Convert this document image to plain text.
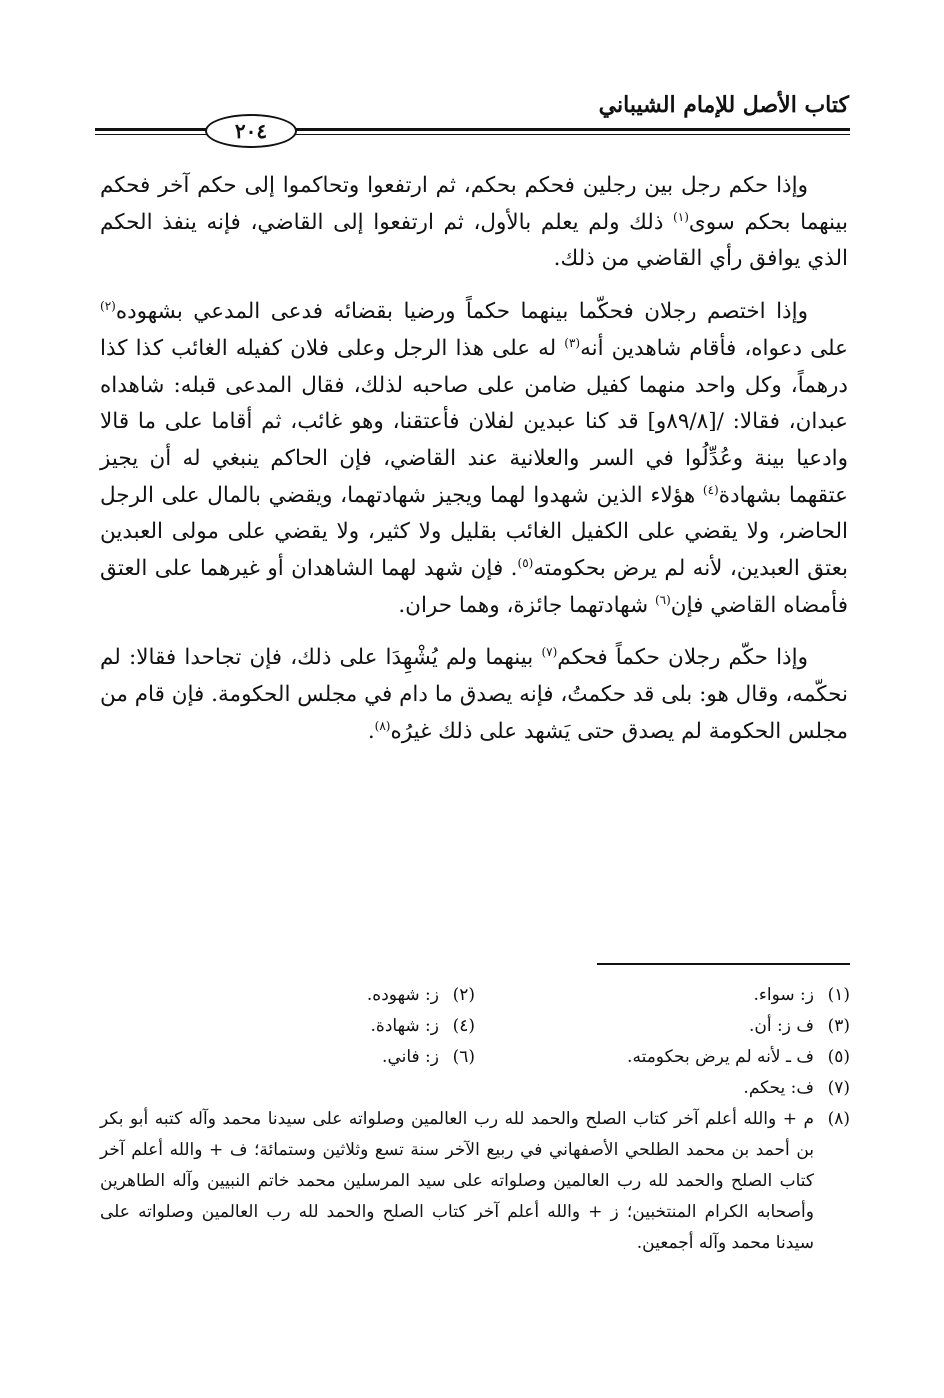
كتاب الأصل للإمام الشيباني
٢٠٤

وإذا حكم رجل بين رجلين فحكم بحكم، ثم ارتفعوا وتحاكموا إلى حكم آخر فحكم بينهما بحكم سوى$^{(١)}$ ذلك ولم يعلم بالأول، ثم ارتفعوا إلى القاضي، فإنه ينفذ الحكم الذي يوافق رأي القاضي من ذلك.

وإذا اختصم رجلان فحكّما بينهما حكماً ورضيا بقضائه فدعى المدعي بشهوده$^{(٢)}$ على دعواه، فأقام شاهدين أنه$^{(٣)}$ له على هذا الرجل وعلى فلان كفيله الغائب كذا كذا درهماً، وكل واحد منهما كفيل ضامن على صاحبه لذلك، فقال المدعى قبله: شاهداه عبدان، فقالا: /[٨٩/٨و] قد كنا عبدين لفلان فأعتقنا، وهو غائب، ثم أقاما على ما قالا وادعيا بينة وعُدِّلُوا في السر والعلانية عند القاضي، فإن الحاكم ينبغي له أن يجيز عتقهما بشهادة$^{(٤)}$ هؤلاء الذين شهدوا لهما ويجيز شهادتهما، ويقضي بالمال على الرجل الحاضر، ولا يقضي على الكفيل الغائب بقليل ولا كثير، ولا يقضي على مولى العبدين بعتق العبدين، لأنه لم يرض بحكومته$^{(٥)}$. فإن شهد لهما الشاهدان أو غيرهما على العتق فأمضاه القاضي فإن$^{(٦)}$ شهادتهما جائزة، وهما حران.

وإذا حكّم رجلان حكماً فحكم$^{(٧)}$ بينهما ولم يُشْهِدَا على ذلك، فإن تجاحدا فقالا: لم نحكّمه، وقال هو: بلى قد حكمتُ، فإنه يصدق ما دام في مجلس الحكومة. فإن قام من مجلس الحكومة لم يصدق حتى يَشهد على ذلك غيرُه$^{(٨)}$.

(١)
ز: سواء.
(٢)
ز: شهوده.
(٣)
ف ز: أن.
(٤)
ز: شهادة.
(٥)
ف ـ لأنه لم يرض بحكومته.
(٦)
ز: فاني.
(٧)
ف: يحكم.
(٨)
م + والله أعلم آخر كتاب الصلح والحمد لله رب العالمين وصلواته على سيدنا محمد وآله كتبه أبو بكر بن أحمد بن محمد الطلحي الأصفهاني في ربيع الآخر سنة تسع وثلاثين وستمائة؛ ف + والله أعلم آخر كتاب الصلح والحمد لله رب العالمين وصلواته على سيد المرسلين محمد خاتم النبيين وآله الطاهرين وأصحابه الكرام المنتخبين؛ ز + والله أعلم آخر كتاب الصلح والحمد لله رب العالمين وصلواته على سيدنا محمد وآله أجمعين.
